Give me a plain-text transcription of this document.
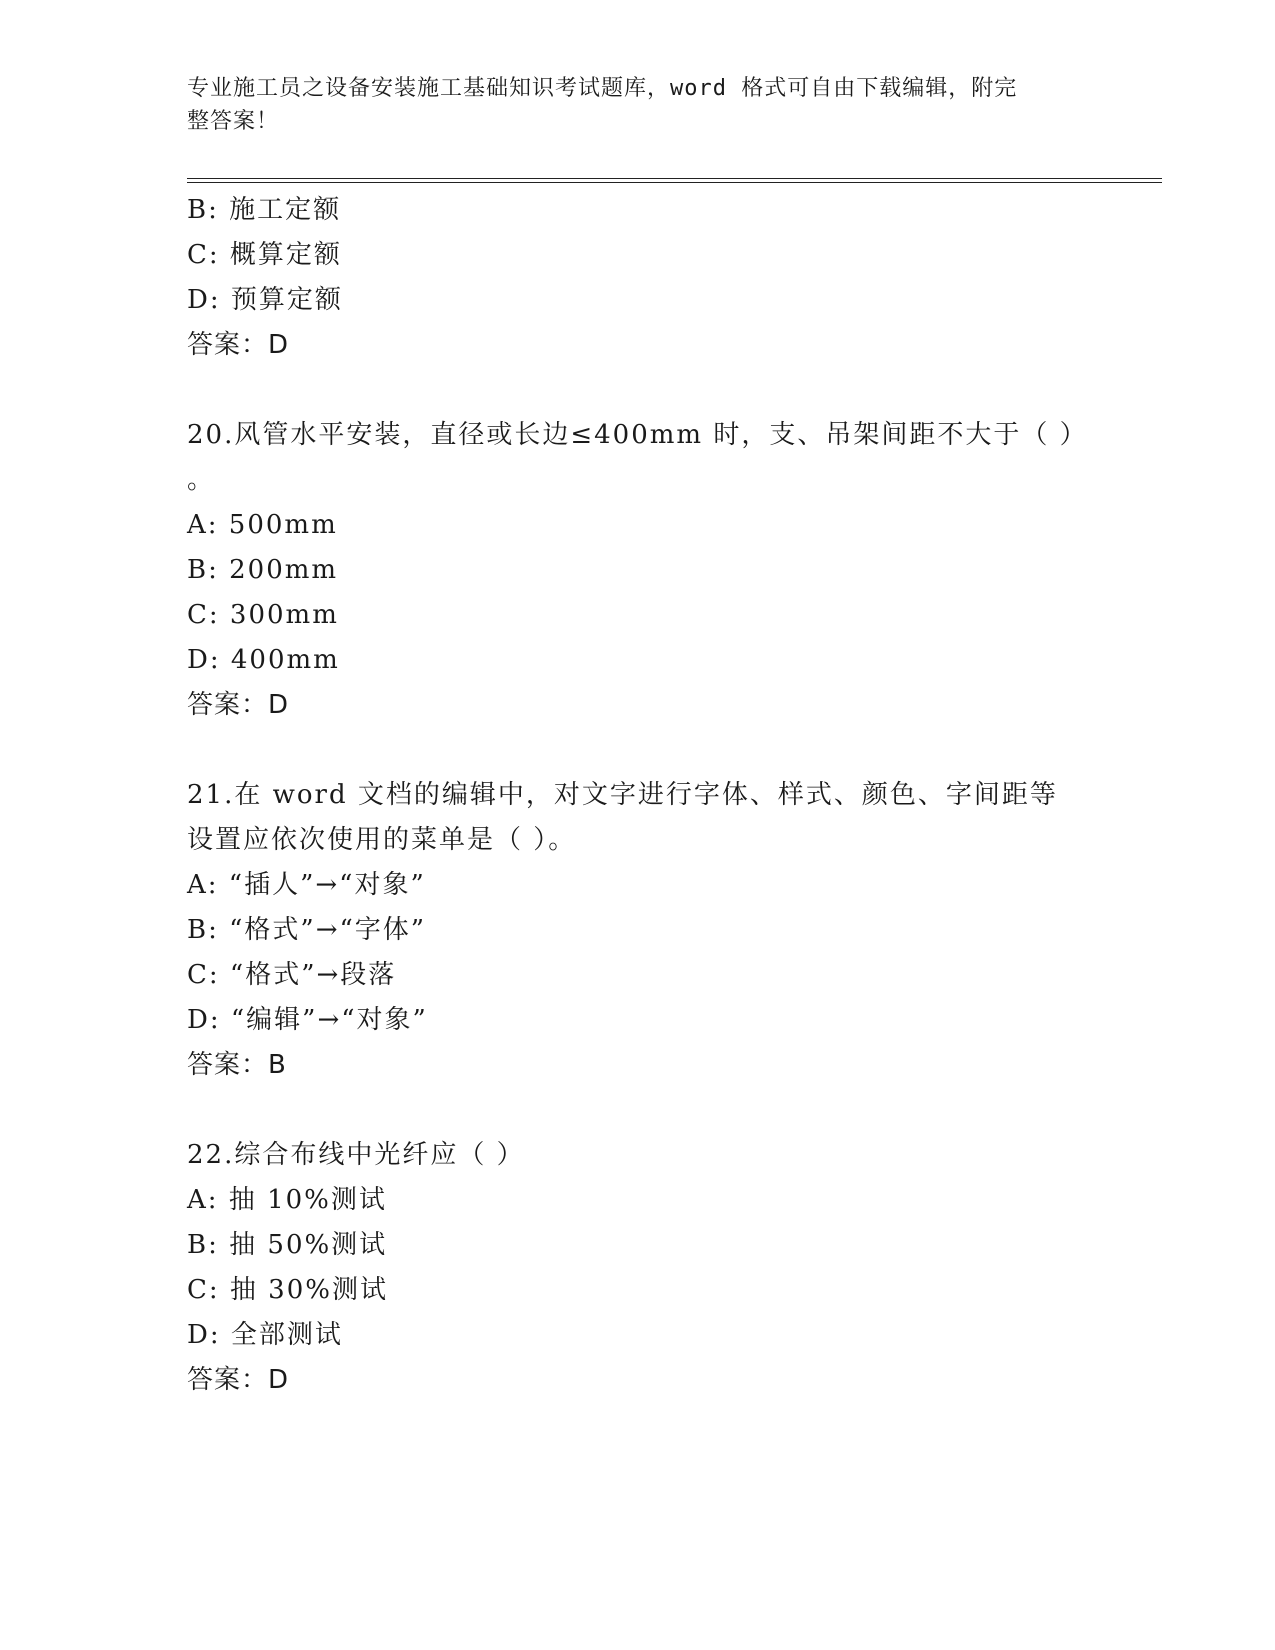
专业施工员之设备安装施工基础知识考试题库，word 格式可自由下载编辑，附完
整答案！
B: 施工定额
C: 概算定额
D: 预算定额
答案：D
20.风管水平安装，直径或长边≤400mm 时，支、吊架间距不大于（ ）
。
A: 500mm
B: 200mm
C: 300mm
D: 400mm
答案：D
21.在 word 文档的编辑中，对文字进行字体、样式、颜色、字间距等
设置应依次使用的菜单是（ ）。
A: “插人”→“对象”
B: “格式”→“字体”
C: “格式”→段落
D: “编辑”→“对象”
答案：B
22.综合布线中光纤应（ ）
A: 抽 10%测试
B: 抽 50%测试
C: 抽 30%测试
D: 全部测试
答案：D
